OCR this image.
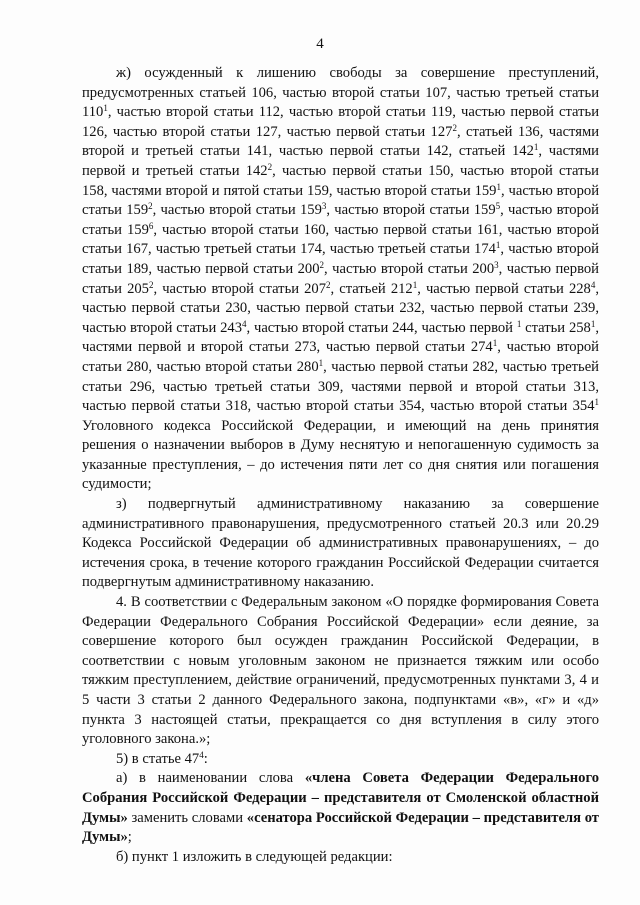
4

ж) осужденный к лишению свободы за совершение преступлений, предусмотренных статьей 106, частью второй статьи 107, частью третьей статьи $110^1$, частью второй статьи 112, частью второй статьи 119, частью первой статьи 126, частью второй статьи 127, частью первой статьи $127^2$, статьей 136, частями второй и третьей статьи 141, частью первой статьи 142, статьей $142^1$, частями первой и третьей статьи $142^2$, частью первой статьи 150, частью второй статьи 158, частями второй и пятой статьи 159, частью второй статьи $159^1$, частью второй статьи $159^2$, частью второй статьи $159^3$, частью второй статьи $159^5$, частью второй статьи $159^6$, частью второй статьи 160, частью первой статьи 161, частью второй статьи 167, частью третьей статьи 174, частью третьей статьи $174^1$, частью второй статьи 189, частью первой статьи $200^2$, частью второй статьи $200^3$, частью первой статьи $205^2$, частью второй статьи $207^2$, статьей $212^1$, частью первой статьи $228^4$, частью первой статьи 230, частью первой статьи 232, частью первой статьи 239, частью второй статьи $243^4$, частью второй статьи 244, частью первой $^1$ статьи $258^1$, частями первой и второй статьи 273, частью первой статьи $274^1$, частью второй статьи 280, частью второй статьи $280^1$, частью первой статьи 282, частью третьей статьи 296, частью третьей статьи 309, частями первой и второй статьи 313, частью первой статьи 318, частью второй статьи 354, частью второй статьи $354^1$ Уголовного кодекса Российской Федерации, и имеющий на день принятия решения о назначении выборов в Думу неснятую и непогашенную судимость за указанные преступления, – до истечения пяти лет со дня снятия или погашения судимости;

з) подвергнутый административному наказанию за совершение административного правонарушения, предусмотренного статьей 20.3 или 20.29 Кодекса Российской Федерации об административных правонарушениях, – до истечения срока, в течение которого гражданин Российской Федерации считается подвергнутым административному наказанию.

4. В соответствии с Федеральным законом «О порядке формирования Совета Федерации Федерального Собрания Российской Федерации» если деяние, за совершение которого был осужден гражданин Российской Федерации, в соответствии с новым уголовным законом не признается тяжким или особо тяжким преступлением, действие ограничений, предусмотренных пунктами 3, 4 и 5 части 3 статьи 2 данного Федерального закона, подпунктами «в», «г» и «д» пункта 3 настоящей статьи, прекращается со дня вступления в силу этого уголовного закона.»;

5) в статье $47^4$:

а) в наименовании слова «члена Совета Федерации Федерального Собрания Российской Федерации – представителя от Смоленской областной Думы» заменить словами «сенатора Российской Федерации – представителя от Думы»;

б) пункт 1 изложить в следующей редакции:
